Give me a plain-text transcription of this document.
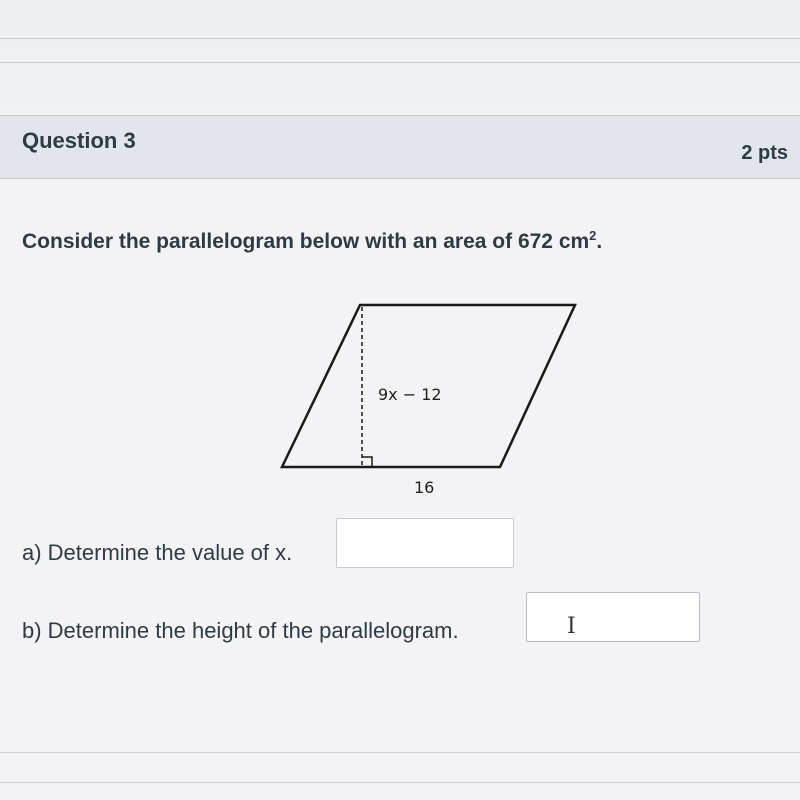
Question 3	2 pts
Consider the parallelogram below with an area of 672 $cm^2$.
9x − 12
16
a) Determine the value of x.
b) Determine the height of the parallelogram.	I
